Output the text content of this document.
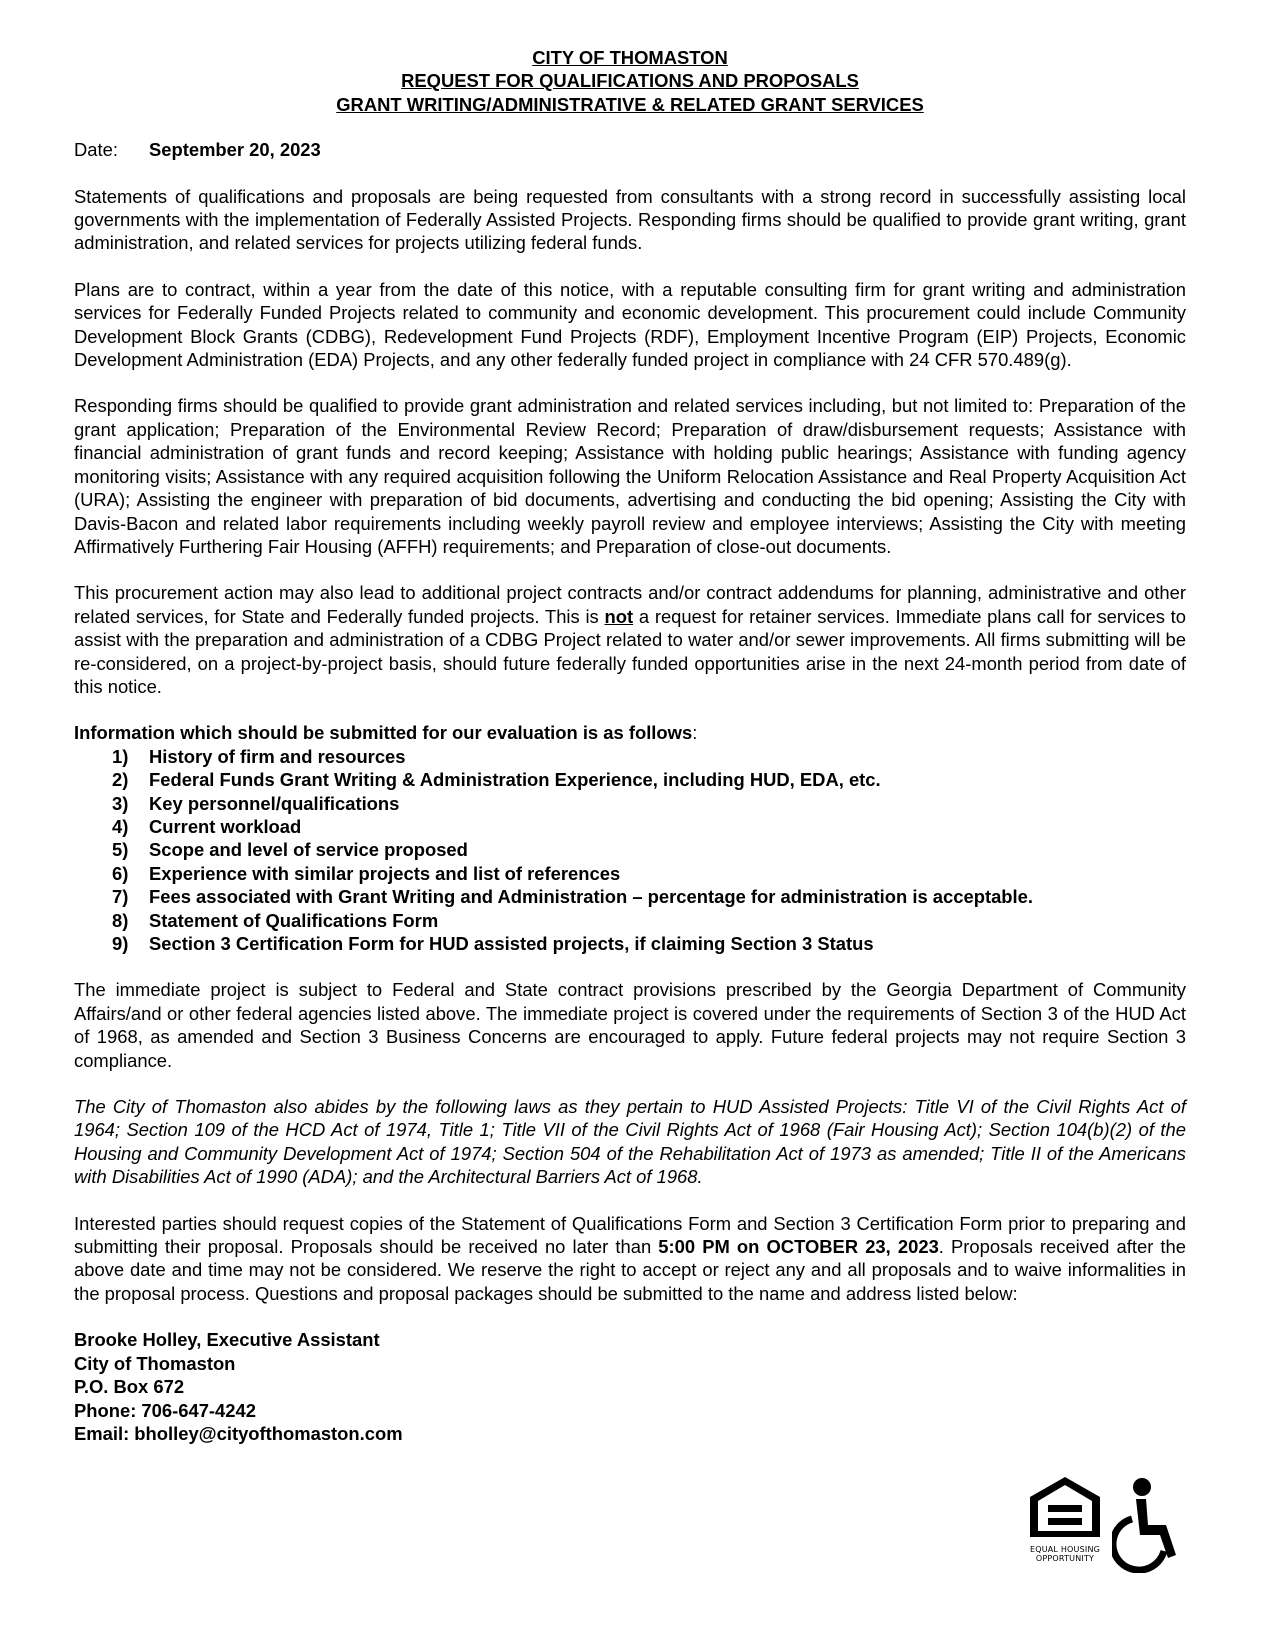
CITY OF THOMASTON
REQUEST FOR QUALIFICATIONS AND PROPOSALS
GRANT WRITING/ADMINISTRATIVE & RELATED GRANT SERVICES
Date: September 20, 2023

Statements of qualifications and proposals are being requested from consultants with a strong record in successfully assisting local governments with the implementation of Federally Assisted Projects. Responding firms should be qualified to provide grant writing, grant administration, and related services for projects utilizing federal funds.

Plans are to contract, within a year from the date of this notice, with a reputable consulting firm for grant writing and administration services for Federally Funded Projects related to community and economic development. This procurement could include Community Development Block Grants (CDBG), Redevelopment Fund Projects (RDF), Employment Incentive Program (EIP) Projects, Economic Development Administration (EDA) Projects, and any other federally funded project in compliance with 24 CFR 570.489(g).

Responding firms should be qualified to provide grant administration and related services including, but not limited to: Preparation of the grant application; Preparation of the Environmental Review Record; Preparation of draw/disbursement requests; Assistance with financial administration of grant funds and record keeping; Assistance with holding public hearings; Assistance with funding agency monitoring visits; Assistance with any required acquisition following the Uniform Relocation Assistance and Real Property Acquisition Act (URA); Assisting the engineer with preparation of bid documents, advertising and conducting the bid opening; Assisting the City with Davis-Bacon and related labor requirements including weekly payroll review and employee interviews; Assisting the City with meeting Affirmatively Furthering Fair Housing (AFFH) requirements; and Preparation of close-out documents.

This procurement action may also lead to additional project contracts and/or contract addendums for planning, administrative and other related services, for State and Federally funded projects. This is not a request for retainer services. Immediate plans call for services to assist with the preparation and administration of a CDBG Project related to water and/or sewer improvements. All firms submitting will be re-considered, on a project-by-project basis, should future federally funded opportunities arise in the next 24-month period from date of this notice.

Information which should be submitted for our evaluation is as follows:

1)	History of firm and resources
2)	Federal Funds Grant Writing & Administration Experience, including HUD, EDA, etc.
3)	Key personnel/qualifications
4)	Current workload
5)	Scope and level of service proposed
6)	Experience with similar projects and list of references
7)	Fees associated with Grant Writing and Administration – percentage for administration is acceptable.
8)	Statement of Qualifications Form
9)	Section 3 Certification Form for HUD assisted projects, if claiming Section 3 Status

The immediate project is subject to Federal and State contract provisions prescribed by the Georgia Department of Community Affairs/and or other federal agencies listed above. The immediate project is covered under the requirements of Section 3 of the HUD Act of 1968, as amended and Section 3 Business Concerns are encouraged to apply. Future federal projects may not require Section 3 compliance.

The City of Thomaston also abides by the following laws as they pertain to HUD Assisted Projects: Title VI of the Civil Rights Act of 1964; Section 109 of the HCD Act of 1974, Title 1; Title VII of the Civil Rights Act of 1968 (Fair Housing Act); Section 104(b)(2) of the Housing and Community Development Act of 1974; Section 504 of the Rehabilitation Act of 1973 as amended; Title II of the Americans with Disabilities Act of 1990 (ADA); and the Architectural Barriers Act of 1968.

Interested parties should request copies of the Statement of Qualifications Form and Section 3 Certification Form prior to preparing and submitting their proposal. Proposals should be received no later than 5:00 PM on OCTOBER 23, 2023. Proposals received after the above date and time may not be considered. We reserve the right to accept or reject any and all proposals and to waive informalities in the proposal process. Questions and proposal packages should be submitted to the name and address listed below:

Brooke Holley, Executive Assistant
City of Thomaston
P.O. Box 672
Phone: 706-647-4242
Email: bholley@cityofthomaston.com
EQUAL HOUSING
OPPORTUNITY
